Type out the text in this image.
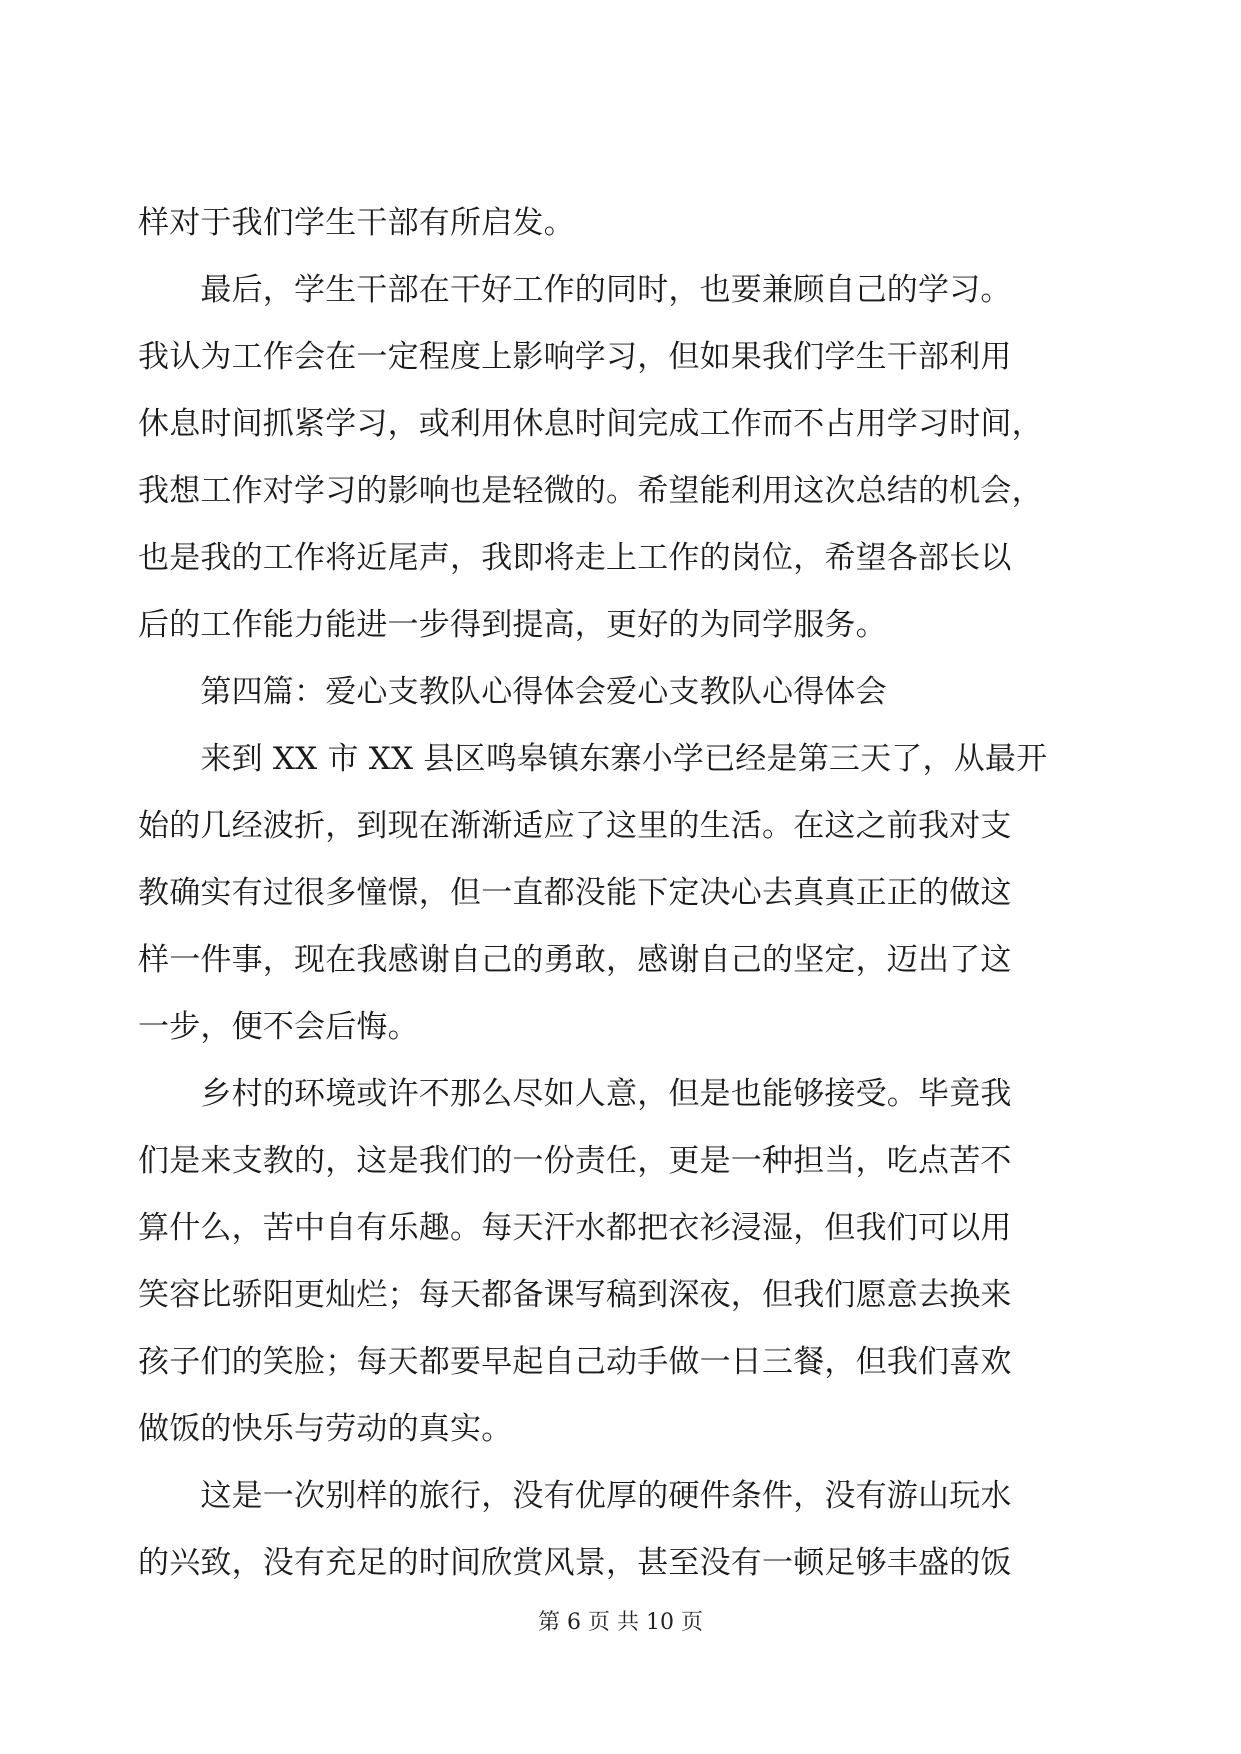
样对于我们学生干部有所启发。
　　最后，学生干部在干好工作的同时，也要兼顾自己的学习。
我认为工作会在一定程度上影响学习，但如果我们学生干部利用
休息时间抓紧学习，或利用休息时间完成工作而不占用学习时间，
我想工作对学习的影响也是轻微的。希望能利用这次总结的机会，
也是我的工作将近尾声，我即将走上工作的岗位，希望各部长以
后的工作能力能进一步得到提高，更好的为同学服务。
　　第四篇：爱心支教队心得体会爱心支教队心得体会
　　来到 XX 市 XX 县区鸣皋镇东寨小学已经是第三天了，从最开
始的几经波折，到现在渐渐适应了这里的生活。在这之前我对支
教确实有过很多憧憬，但一直都没能下定决心去真真正正的做这
样一件事，现在我感谢自己的勇敢，感谢自己的坚定，迈出了这
一步，便不会后悔。
　　乡村的环境或许不那么尽如人意，但是也能够接受。毕竟我
们是来支教的，这是我们的一份责任，更是一种担当，吃点苦不
算什么，苦中自有乐趣。每天汗水都把衣衫浸湿，但我们可以用
笑容比骄阳更灿烂；每天都备课写稿到深夜，但我们愿意去换来
孩子们的笑脸；每天都要早起自己动手做一日三餐，但我们喜欢
做饭的快乐与劳动的真实。
　　这是一次别样的旅行，没有优厚的硬件条件，没有游山玩水
的兴致，没有充足的时间欣赏风景，甚至没有一顿足够丰盛的饭
第 6 页 共 10 页
